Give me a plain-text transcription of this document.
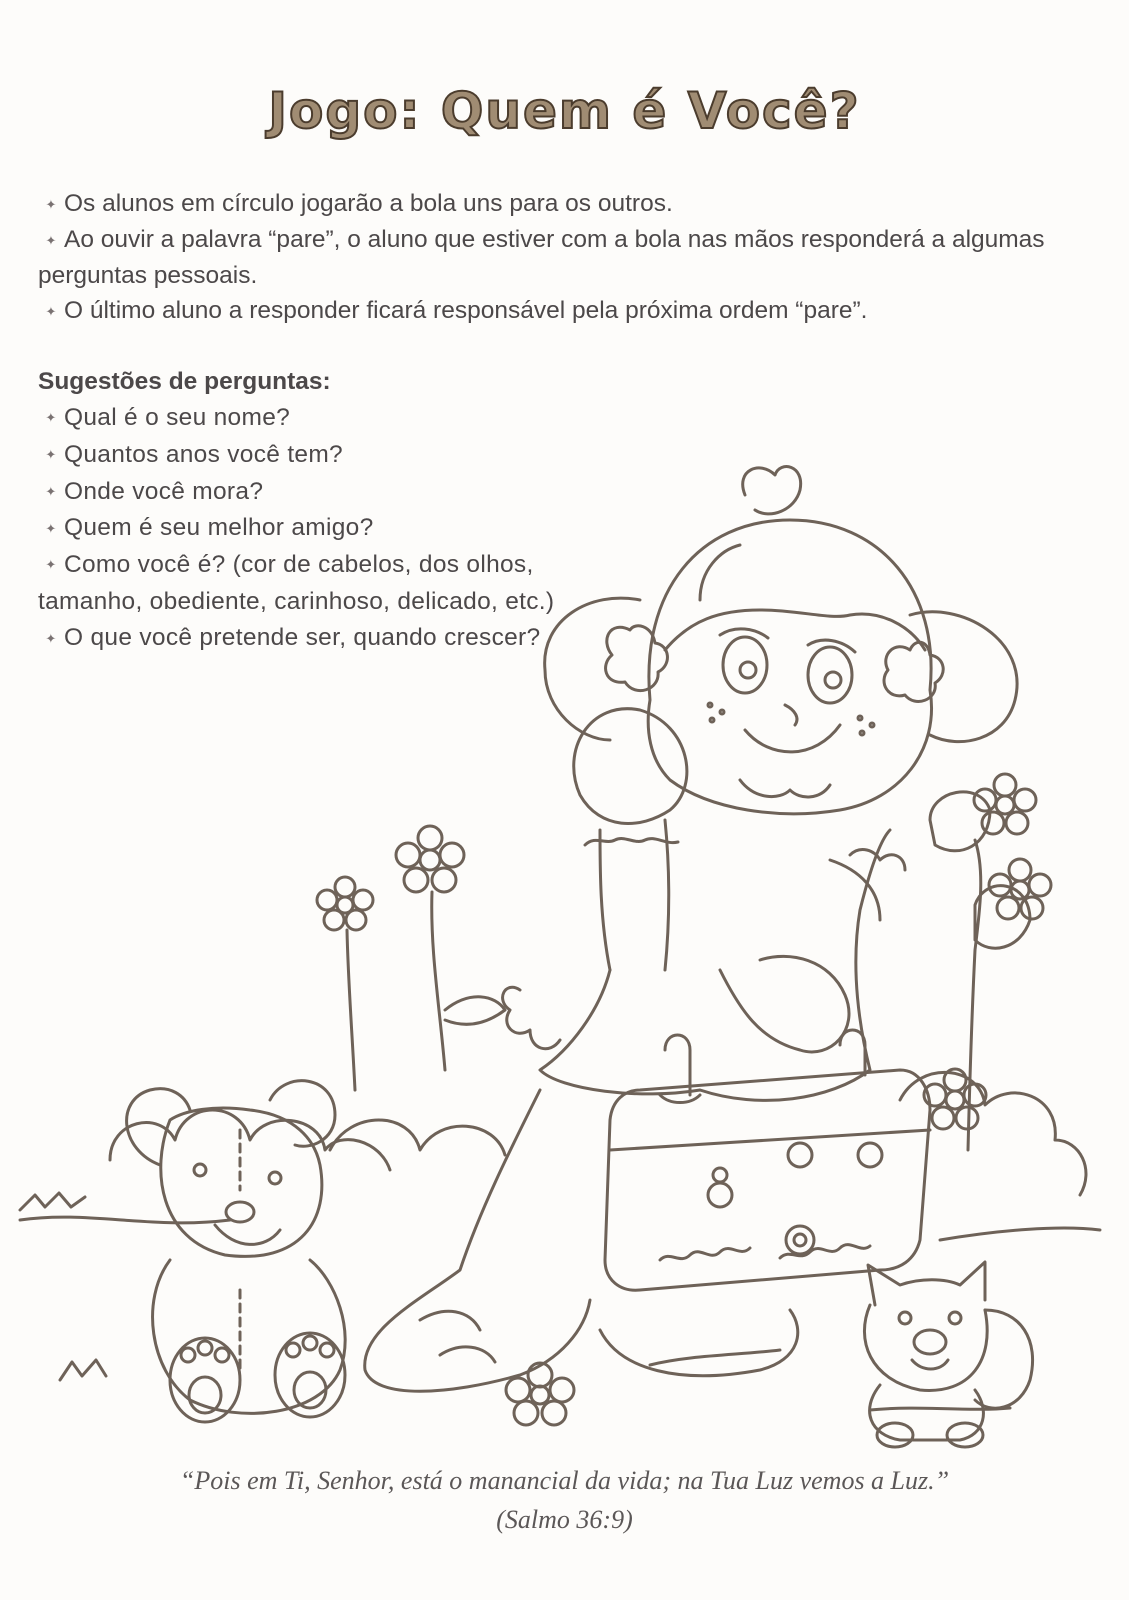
Jogo: Quem é Você?

✦ Os alunos em círculo jogarão a bola uns para os outros.

✦ Ao ouvir a palavra “pare”, o aluno que estiver com a bola nas mãos responderá a algumas perguntas pessoais.

✦ O último aluno a responder ficará responsável pela próxima ordem “pare”.

Sugestões de perguntas:

✦ Qual é o seu nome?

✦ Quantos anos você tem?

✦ Onde você mora?

✦ Quem é seu melhor amigo?

✦ Como você é? (cor de cabelos, dos olhos, tamanho, obediente, carinhoso, delicado, etc.)

✦ O que você pretende ser, quando crescer?

“Pois em Ti, Senhor, está o manancial da vida; na Tua Luz vemos a Luz.”

(Salmo 36:9)
